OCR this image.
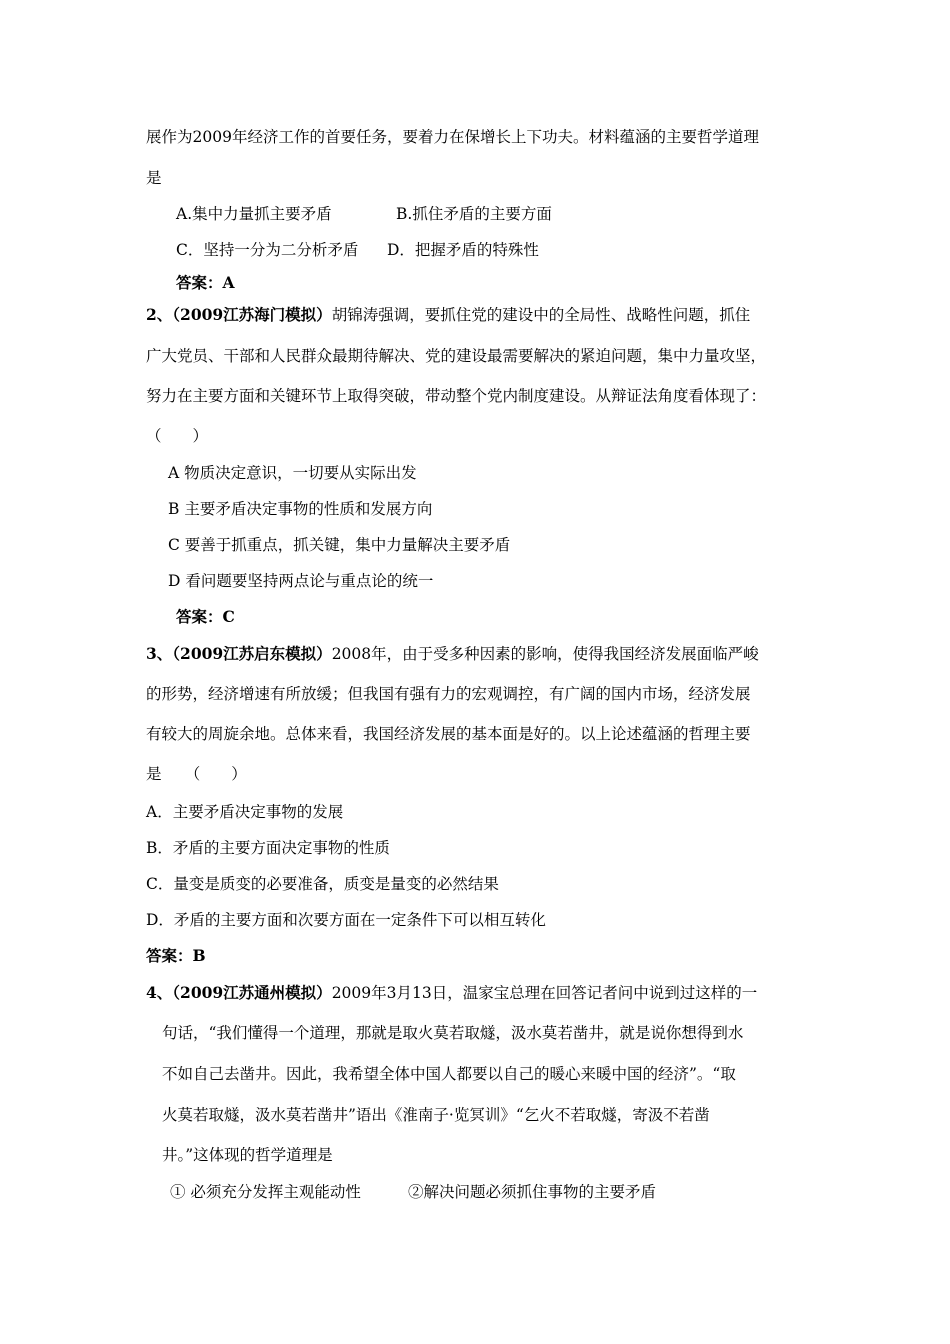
展作为2009年经济工作的首要任务，要着力在保增长上下功夫。材料蕴涵的主要哲学道理
是
A.集中力量抓主要矛盾	B.抓住矛盾的主要方面
C．坚持一分为二分析矛盾 D．把握矛盾的特殊性
答案：A
2、（2009江苏海门模拟）胡锦涛强调，要抓住党的建设中的全局性、战略性问题，抓住
广大党员、干部和人民群众最期待解决、党的建设最需要解决的紧迫问题，集中力量攻坚，
努力在主要方面和关键环节上取得突破，带动整个党内制度建设。从辩证法角度看体现了：
（　　）
A 物质决定意识，一切要从实际出发
B 主要矛盾决定事物的性质和发展方向
C 要善于抓重点，抓关键，集中力量解决主要矛盾
D 看问题要坚持两点论与重点论的统一
答案：C
3、（2009江苏启东模拟）2008年，由于受多种因素的影响，使得我国经济发展面临严峻
的形势，经济增速有所放缓；但我国有强有力的宏观调控，有广阔的国内市场，经济发展
有较大的周旋余地。总体来看，我国经济发展的基本面是好的。以上论述蕴涵的哲理主要
是　　（　　）
A．主要矛盾决定事物的发展
B．矛盾的主要方面决定事物的性质
C．量变是质变的必要准备，质变是量变的必然结果
D．矛盾的主要方面和次要方面在一定条件下可以相互转化
答案：B
4、（2009江苏通州模拟）2009年3月13日，温家宝总理在回答记者问中说到过这样的一
句话，“我们懂得一个道理，那就是取火莫若取燧，汲水莫若凿井，就是说你想得到水
不如自己去凿井。因此，我希望全体中国人都要以自己的暖心来暖中国的经济”。“取
火莫若取燧，汲水莫若凿井”语出《淮南子·览冥训》“乞火不若取燧，寄汲不若凿
井。”这体现的哲学道理是
① 必须充分发挥主观能动性	②解决问题必须抓住事物的主要矛盾
